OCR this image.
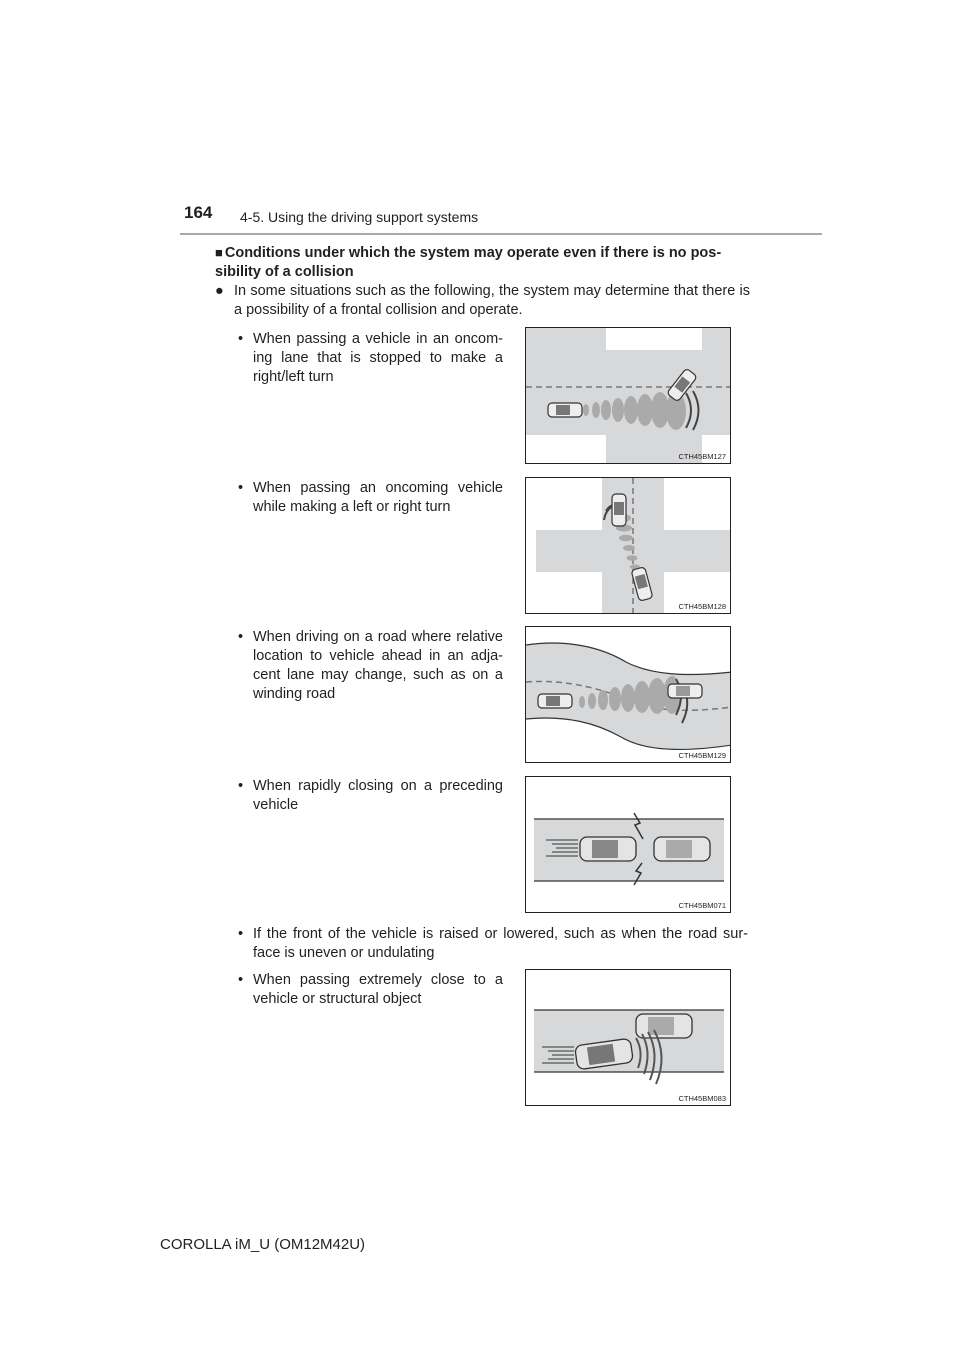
164 4-5. Using the driving support systems
■ Conditions under which the system may operate even if there is no pos-
sibility of a collision
● In some situations such as the following, the system may determine that there is a possibility of a frontal collision and operate.
• When passing a vehicle in an oncom- ing lane that is stopped to make a right/left turn
CTH45BM127
• When passing an oncoming vehicle while making a left or right turn
CTH45BM128
• When driving on a road where relative location to vehicle ahead in an adja- cent lane may change, such as on a winding road
CTH45BM129
• When rapidly closing on a preceding vehicle
CTH45BM071
• If the front of the vehicle is raised or lowered, such as when the road sur- face is uneven or undulating
• When passing extremely close to a vehicle or structural object
CTH45BM083
COROLLA iM_U (OM12M42U)
